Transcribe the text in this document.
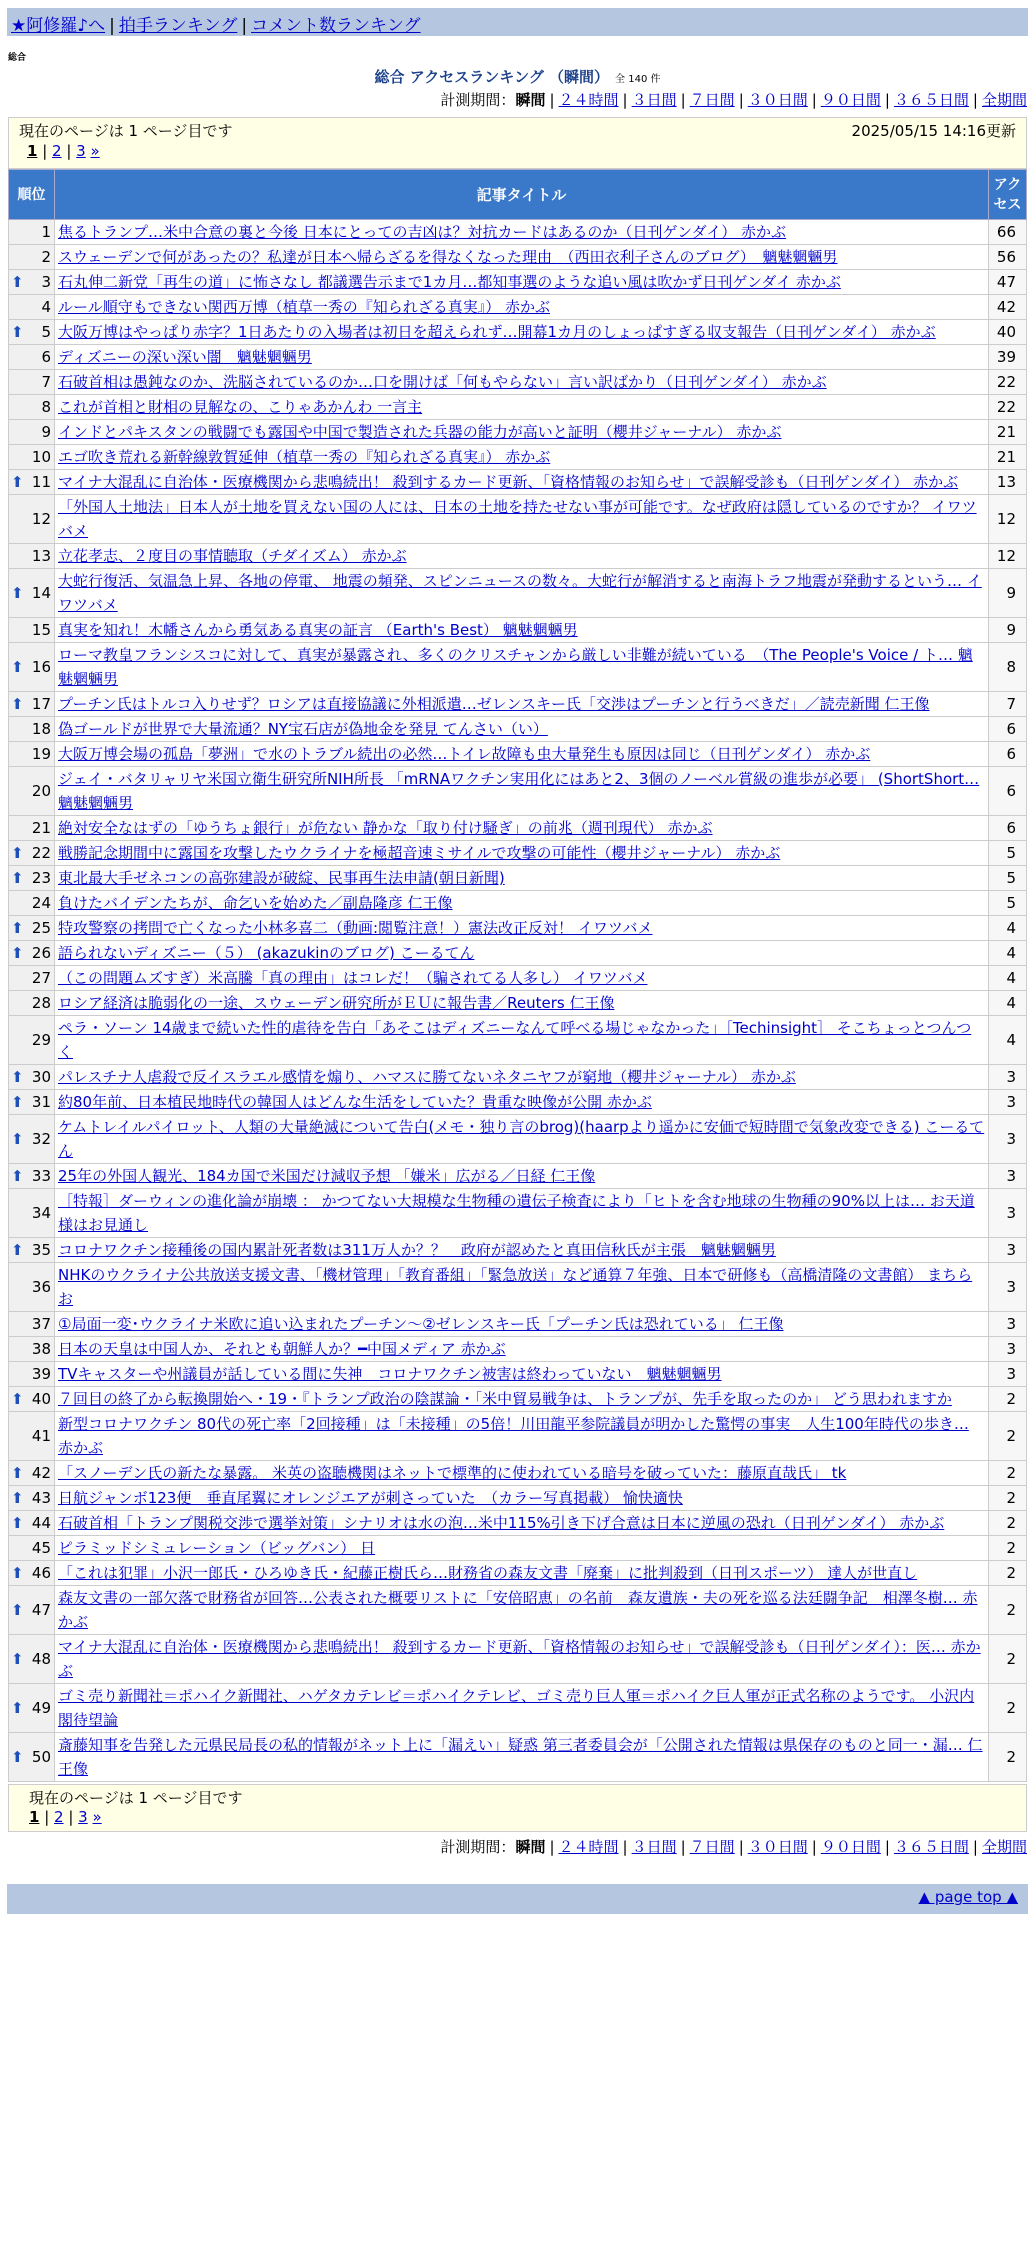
★阿修羅♪へ | 拍手ランキング | コメント数ランキング
総合
総合 アクセスランキング （瞬間） 全 140 件
計測期間：瞬間 | ２４時間 | ３日間 | ７日間 | ３０日間 | ９０日間 | ３６５日間 | 全期間
現在のページは 1 ページ目です	2025/05/15 14:16更新
1 | 2 | 3 »
順位	記事タイトル	アクセス
1	焦るトランプ…米中合意の裏と今後 日本にとっての吉凶は？対抗カードはあるのか（日刊ゲンダイ） 赤かぶ	66
2	スウェーデンで何があったの？私達が日本へ帰らざるを得なくなった理由　（西田衣利子さんのブログ）　魑魅魍魎男	56

⬆ 3	石丸伸二新党「再生の道」に怖さなし 都議選告示まで1カ月…都知事選のような追い風は吹かず日刊ゲンダイ 赤かぶ	47
4	ルール順守もできない関西万博（植草一秀の『知られざる真実』） 赤かぶ	42

⬆ 5	大阪万博はやっぱり赤字？1日あたりの入場者は初日を超えられず…開幕1カ月のしょっぱすぎる収支報告（日刊ゲンダイ） 赤かぶ	40
6	ディズニーの深い深い闇　魑魅魍魎男	39
7	石破首相は愚鈍なのか、洗脳されているのか…口を開けば「何もやらない」言い訳ばかり（日刊ゲンダイ） 赤かぶ	22
8	これが首相と財相の見解なの、こりゃあかんわ 一言主	22
9	インドとパキスタンの戦闘でも露国や中国で製造された兵器の能力が高いと証明（櫻井ジャーナル） 赤かぶ	21
10	エゴ吹き荒れる新幹線敦賀延伸（植草一秀の『知られざる真実』） 赤かぶ	21

⬆ 11	マイナ大混乱に自治体・医療機関から悲鳴続出！ 殺到するカード更新、「資格情報のお知らせ」で誤解受診も（日刊ゲンダイ） 赤かぶ	13
12	「外国人土地法」日本人が土地を買えない国の人には、日本の土地を持たせない事が可能です。なぜ政府は隠しているのですか？ イワツバメ	12
13	立花孝志、２度目の事情聴取（チダイズム） 赤かぶ	12

⬆ 14	大蛇行復活、気温急上昇、各地の停電、 地震の頻発、スピンニュースの数々。大蛇行が解消すると南海トラフ地震が発動するという… イワツバメ	9
15	真実を知れ！木幡さんから勇気ある真実の証言 （Earth's Best） 魑魅魍魎男	9

⬆ 16	ローマ教皇フランシスコに対して、真実が暴露され、多くのクリスチャンから厳しい非難が続いている　（The People's Voice / ト… 魑魅魍魎男	8

⬆ 17	プーチン氏はトルコ入りせず？ロシアは直接協議に外相派遣…ゼレンスキー氏「交渉はプーチンと行うべきだ」／読売新聞 仁王像	7
18	偽ゴールドが世界で大量流通？NY宝石店が偽地金を発見 てんさい（い）	6
19	大阪万博会場の孤島「夢洲」で水のトラブル続出の必然…トイレ故障も虫大量発生も原因は同じ（日刊ゲンダイ） 赤かぶ	6
20	ジェイ・バタリャリヤ米国立衛生研究所NIH所長 「mRNAワクチン実用化にはあと2、3個のノーベル賞級の進歩が必要」 (ShortShort… 魑魅魍魎男	6
21	絶対安全なはずの「ゆうちょ銀行」が危ない 静かな「取り付け騒ぎ」の前兆（週刊現代） 赤かぶ	6

⬆ 22	戦勝記念期間中に露国を攻撃したウクライナを極超音速ミサイルで攻撃の可能性（櫻井ジャーナル） 赤かぶ	5

⬆ 23	東北最大手ゼネコンの高弥建設が破綻、民事再生法申請(朝日新聞)	5
24	負けたバイデンたちが、命乞いを始めた／副島隆彦 仁王像	5

⬆ 25	特攻警察の拷問で亡くなった小林多喜二（動画:閲覧注意！）憲法改正反対！ イワツバメ	4

⬆ 26	語られないディズニー（５） (akazukinのブログ) こーるてん	4
27	（この問題ムズすぎ）米高騰「真の理由」はコレだ！（騙されてる人多し） イワツバメ	4
28	ロシア経済は脆弱化の一途、スウェーデン研究所がＥＵに報告書／Reuters 仁王像	4
29	ペラ・ソーン 14歳まで続いた性的虐待を告白「あそこはディズニーなんて呼べる場じゃなかった」［Techinsight］ そこちょっとつんつく	4

⬆ 30	パレスチナ人虐殺で反イスラエル感情を煽り、ハマスに勝てないネタニヤフが窮地（櫻井ジャーナル） 赤かぶ	3

⬆ 31	約80年前、日本植民地時代の韓国人はどんな生活をしていた？貴重な映像が公開 赤かぶ	3

⬆ 32	ケムトレイルパイロット、人類の大量絶滅について告白(メモ・独り言のbrog)(haarpより遥かに安価で短時間で気象改変できる) こーるてん	3

⬆ 33	25年の外国人観光、184カ国で米国だけ減収予想 「嫌米」広がる／日経 仁王像	3
34	［特報］ダーウィンの進化論が崩壊 ： かつてない大規模な生物種の遺伝子検査により「ヒトを含む地球の生物種の90%以上は… お天道様はお見通し	3

⬆ 35	コロナワクチン接種後の国内累計死者数は311万人か？？　政府が認めたと真田信秋氏が主張　魑魅魍魎男	3
36	NHKのウクライナ公共放送支援文書、「機材管理」「教育番組」「緊急放送」など通算７年強、日本で研修も（高橋清隆の文書館） まちらお	3
37	①局面一変･ウクライナ米欧に追い込まれたプーチン～②ゼレンスキー氏「プーチン氏は恐れている」 仁王像	3
38	日本の天皇は中国人か、それとも朝鮮人か？━中国メディア 赤かぶ	3
39	TVキャスターや州議員が話している間に失神　コロナワクチン被害は終わっていない　魑魅魍魎男	3

⬆ 40	７回目の終了から転換開始へ・19・『トランプ政治の陰謀論・「米中貿易戦争は、トランプが、先手を取ったのか」 どう思われますか	2
41	新型コロナワクチン 80代の死亡率「2回接種」は「未接種」の5倍！川田龍平参院議員が明かした驚愕の事実　人生100年時代の歩き… 赤かぶ	2

⬆ 42	「スノーデン氏の新たな暴露。 米英の盗聴機関はネットで標準的に使われている暗号を破っていた：藤原直哉氏」 tk	2

⬆ 43	日航ジャンボ123便　垂直尾翼にオレンジエアが刺さっていた　（カラー写真掲載） 愉快適快	2

⬆ 44	石破首相「トランプ関税交渉で選挙対策」シナリオは水の泡…米中115%引き下げ合意は日本に逆風の恐れ（日刊ゲンダイ） 赤かぶ	2
45	ピラミッドシミュレーション（ビッグバン） 日	2

⬆ 46	「これは犯罪」小沢一郎氏・ひろゆき氏・紀藤正樹氏ら…財務省の森友文書「廃棄」に批判殺到（日刊スポーツ） 達人が世直し	2

⬆ 47	森友文書の一部欠落で財務省が回答…公表された概要リストに「安倍昭恵」の名前　森友遺族・夫の死を巡る法廷闘争記　相澤冬樹… 赤かぶ	2

⬆ 48	マイナ大混乱に自治体・医療機関から悲鳴続出！ 殺到するカード更新、「資格情報のお知らせ」で誤解受診も（日刊ゲンダイ）：医… 赤かぶ	2

⬆ 49	ゴミ売り新聞社＝ポハイク新聞社、ハゲタカテレビ＝ポハイクテレビ、ゴミ売り巨人軍＝ポハイク巨人軍が正式名称のようです。 小沢内閣待望論	2

⬆ 50	斎藤知事を告発した元県民局長の私的情報がネット上に「漏えい」疑惑 第三者委員会が「公開された情報は県保存のものと同一・漏… 仁王像	2
現在のページは 1 ページ目です
1 | 2 | 3 »
計測期間：瞬間 | ２４時間 | ３日間 | ７日間 | ３０日間 | ９０日間 | ３６５日間 | 全期間
▲ page top ▲
